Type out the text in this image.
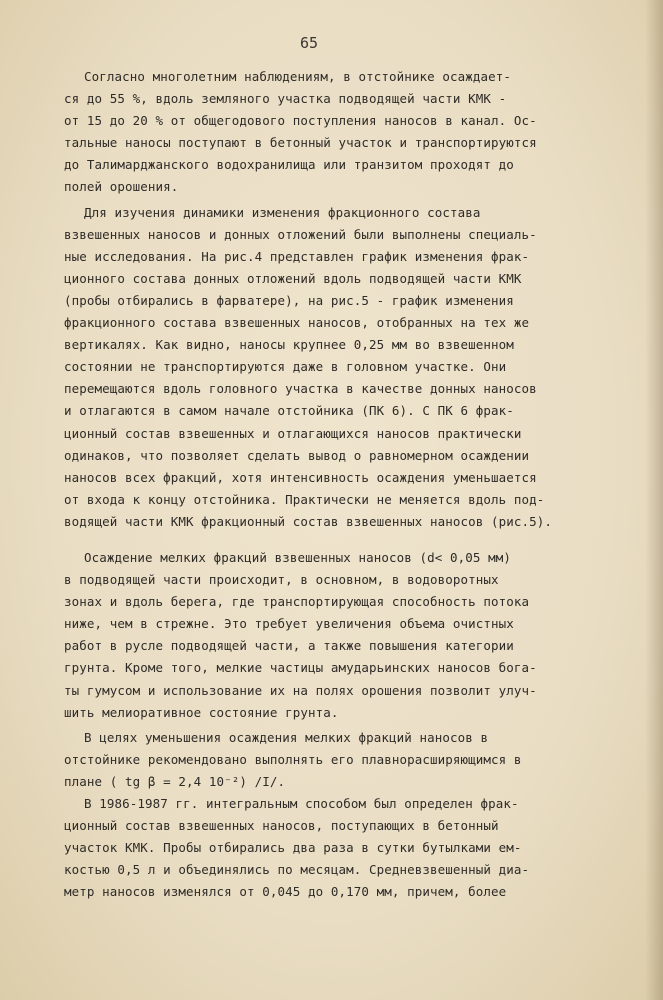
65
Согласно многолетним наблюдениям, в отстойнике осаждает-
ся до 55 %, вдоль земляного участка подводящей части КМК -
от 15 до 20 % от общегодового поступления наносов в канал. Ос-
тальные наносы поступают в бетонный участок и транспортируются
до Талимарджанского водохранилища или транзитом проходят до
полей орошения.
Для изучения динамики изменения фракционного состава
взвешенных наносов и донных отложений были выполнены специаль-
ные исследования. На рис.4 представлен график изменения фрак-
ционного состава донных отложений вдоль подводящей части КМК
(пробы отбирались в фарватере), на рис.5 - график изменения
фракционного состава взвешенных наносов, отобранных на тех же
вертикалях. Как видно, наносы крупнее 0,25 мм во взвешенном
состоянии не транспортируются даже в головном участке. Они
перемещаются вдоль головного участка в качестве донных наносов
и отлагаются в самом начале отстойника (ПК 6). С ПК 6 фрак-
ционный состав взвешенных и отлагающихся наносов практически
одинаков, что позволяет сделать вывод о равномерном осаждении
наносов всех фракций, хотя интенсивность осаждения уменьшается
от входа к концу отстойника. Практически не меняется вдоль под-
водящей части КМК фракционный состав взвешенных наносов (рис.5).
Осаждение мелких фракций взвешенных наносов (d< 0,05 мм)
в подводящей части происходит, в основном, в водоворотных
зонах и вдоль берега, где транспортирующая способность потока
ниже, чем в стрежне. Это требует увеличения объема очистных
работ в русле подводящей части, а также повышения категории
грунта. Кроме того, мелкие частицы амударьинских наносов бога-
ты гумусом и использование их на полях орошения позволит улуч-
шить мелиоративное состояние грунта.
В целях уменьшения осаждения мелких фракций наносов в
отстойнике рекомендовано выполнять его плавнорасширяющимся в
плане ( tg β = 2,4 10⁻²) /I/.
В 1986-1987 гг. интегральным способом был определен фрак-
ционный состав взвешенных наносов, поступающих в бетонный
участок КМК. Пробы отбирались два раза в сутки бутылками ем-
костью 0,5 л и объединялись по месяцам. Средневзвешенный диа-
метр наносов изменялся от 0,045 до 0,170 мм, причем, более
